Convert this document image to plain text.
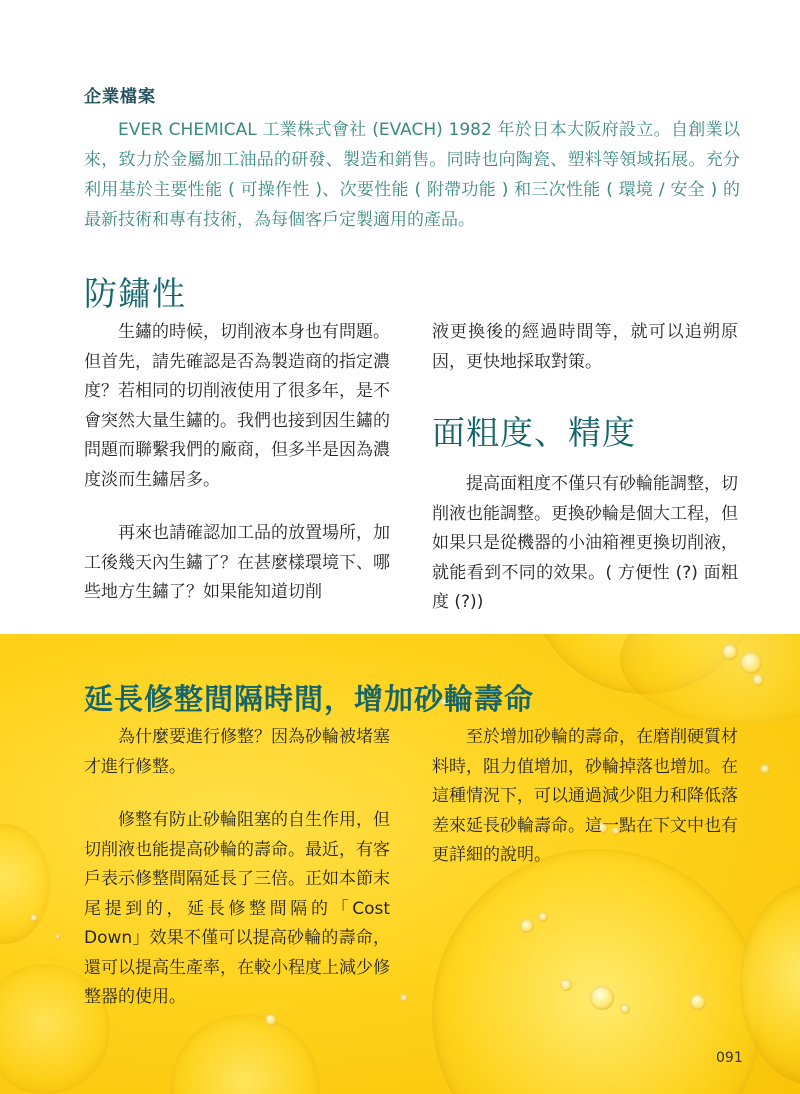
企業檔案

EVER CHEMICAL 工業株式會社 (EVACH) 1982 年於日本大阪府設立。自創業以來，致力於金屬加工油品的研發、製造和銷售。同時也向陶瓷、塑料等領域拓展。充分利用基於主要性能 ( 可操作性 )、次要性能 ( 附帶功能 ) 和三次性能 ( 環境 / 安全 ) 的最新技術和專有技術，為每個客戶定製適用的產品。

防鏽性

生鏽的時候，切削液本身也有問題。但首先，請先確認是否為製造商的指定濃度？若相同的切削液使用了很多年，是不會突然大量生鏽的。我們也接到因生鏽的問題而聯繫我們的廠商，但多半是因為濃度淡而生鏽居多。

再來也請確認加工品的放置場所，加工後幾天內生鏽了？在甚麼樣環境下、哪些地方生鏽了？如果能知道切削

液更換後的經過時間等，就可以追朔原因，更快地採取對策。

面粗度、精度

提高面粗度不僅只有砂輪能調整，切削液也能調整。更換砂輪是個大工程，但如果只是從機器的小油箱裡更換切削液，就能看到不同的效果。( 方便性 (?) 面粗度 (?))

延長修整間隔時間，增加砂輪壽命

為什麼要進行修整？因為砂輪被堵塞才進行修整。

修整有防止砂輪阻塞的自生作用，但切削液也能提高砂輪的壽命。最近，有客戶表示修整間隔延長了三倍。正如本節末尾提到的，延長修整間隔的「Cost Down」效果不僅可以提高砂輪的壽命，還可以提高生產率，在較小程度上減少修整器的使用。

至於增加砂輪的壽命，在磨削硬質材料時，阻力值增加，砂輪掉落也增加。在這種情況下，可以通過減少阻力和降低落差來延長砂輪壽命。這一點在下文中也有更詳細的說明。

091
